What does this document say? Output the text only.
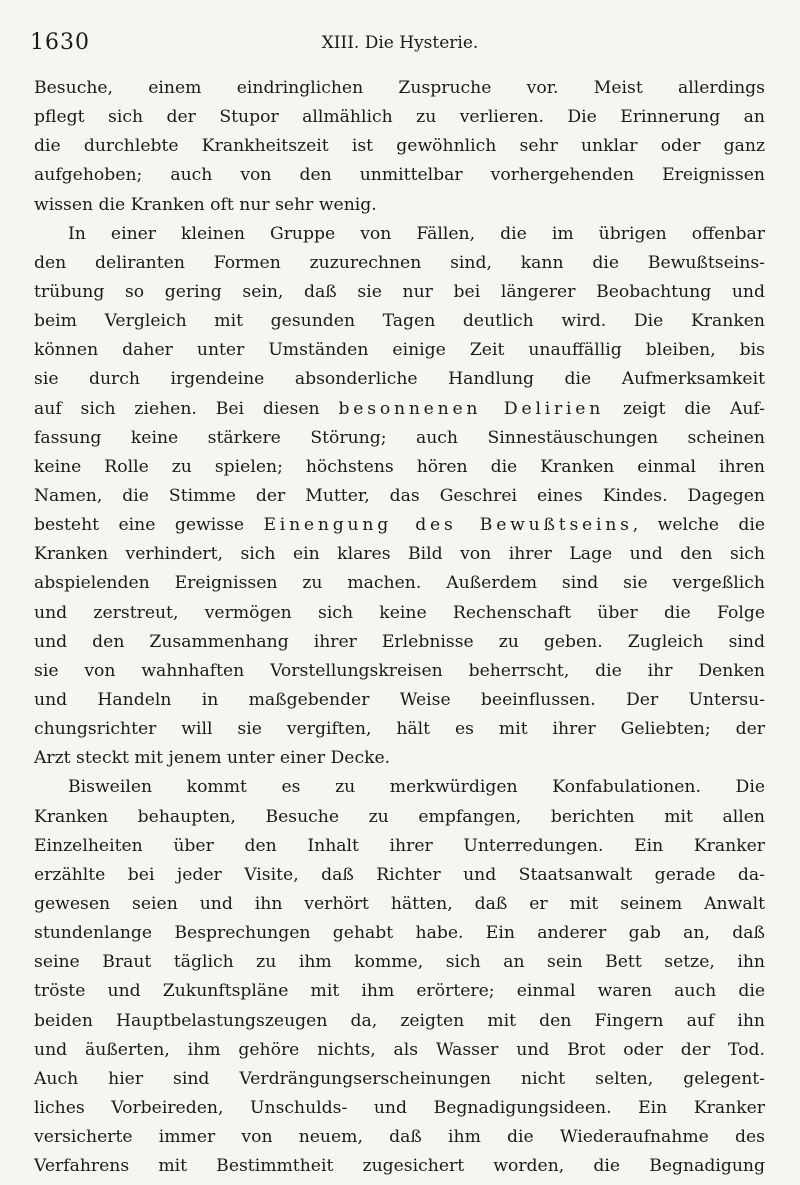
1630	XIII. Die Hysterie.
Besuche, einem eindringlichen Zuspruche vor. Meist allerdings
pflegt sich der Stupor allmählich zu verlieren. Die Erinnerung an
die durchlebte Krankheitszeit ist gewöhnlich sehr unklar oder ganz
aufgehoben; auch von den unmittelbar vorhergehenden Ereignissen
wissen die Kranken oft nur sehr wenig.
In einer kleinen Gruppe von Fällen, die im übrigen offenbar
den deliranten Formen zuzurechnen sind, kann die Bewußtseins-
trübung so gering sein, daß sie nur bei längerer Beobachtung und
beim Vergleich mit gesunden Tagen deutlich wird. Die Kranken
können daher unter Umständen einige Zeit unauffällig bleiben, bis
sie durch irgendeine absonderliche Handlung die Aufmerksamkeit
auf sich ziehen. Bei diesen besonnenen Delirien zeigt die Auf-
fassung keine stärkere Störung; auch Sinnestäuschungen scheinen
keine Rolle zu spielen; höchstens hören die Kranken einmal ihren
Namen, die Stimme der Mutter, das Geschrei eines Kindes. Dagegen
besteht eine gewisse Einengung des Bewußtseins, welche die
Kranken verhindert, sich ein klares Bild von ihrer Lage und den sich
abspielenden Ereignissen zu machen. Außerdem sind sie vergeßlich
und zerstreut, vermögen sich keine Rechenschaft über die Folge
und den Zusammenhang ihrer Erlebnisse zu geben. Zugleich sind
sie von wahnhaften Vorstellungskreisen beherrscht, die ihr Denken
und Handeln in maßgebender Weise beeinflussen. Der Untersu-
chungsrichter will sie vergiften, hält es mit ihrer Geliebten; der
Arzt steckt mit jenem unter einer Decke.
Bisweilen kommt es zu merkwürdigen Konfabulationen. Die
Kranken behaupten, Besuche zu empfangen, berichten mit allen
Einzelheiten über den Inhalt ihrer Unterredungen. Ein Kranker
erzählte bei jeder Visite, daß Richter und Staatsanwalt gerade da-
gewesen seien und ihn verhört hätten, daß er mit seinem Anwalt
stundenlange Besprechungen gehabt habe. Ein anderer gab an, daß
seine Braut täglich zu ihm komme, sich an sein Bett setze, ihn
tröste und Zukunftspläne mit ihm erörtere; einmal waren auch die
beiden Hauptbelastungszeugen da, zeigten mit den Fingern auf ihn
und äußerten, ihm gehöre nichts, als Wasser und Brot oder der Tod.
Auch hier sind Verdrängungserscheinungen nicht selten, gelegent-
liches Vorbeireden, Unschulds- und Begnadigungsideen. Ein Kranker
versicherte immer von neuem, daß ihm die Wiederaufnahme des
Verfahrens mit Bestimmtheit zugesichert worden, die Begnadigung
